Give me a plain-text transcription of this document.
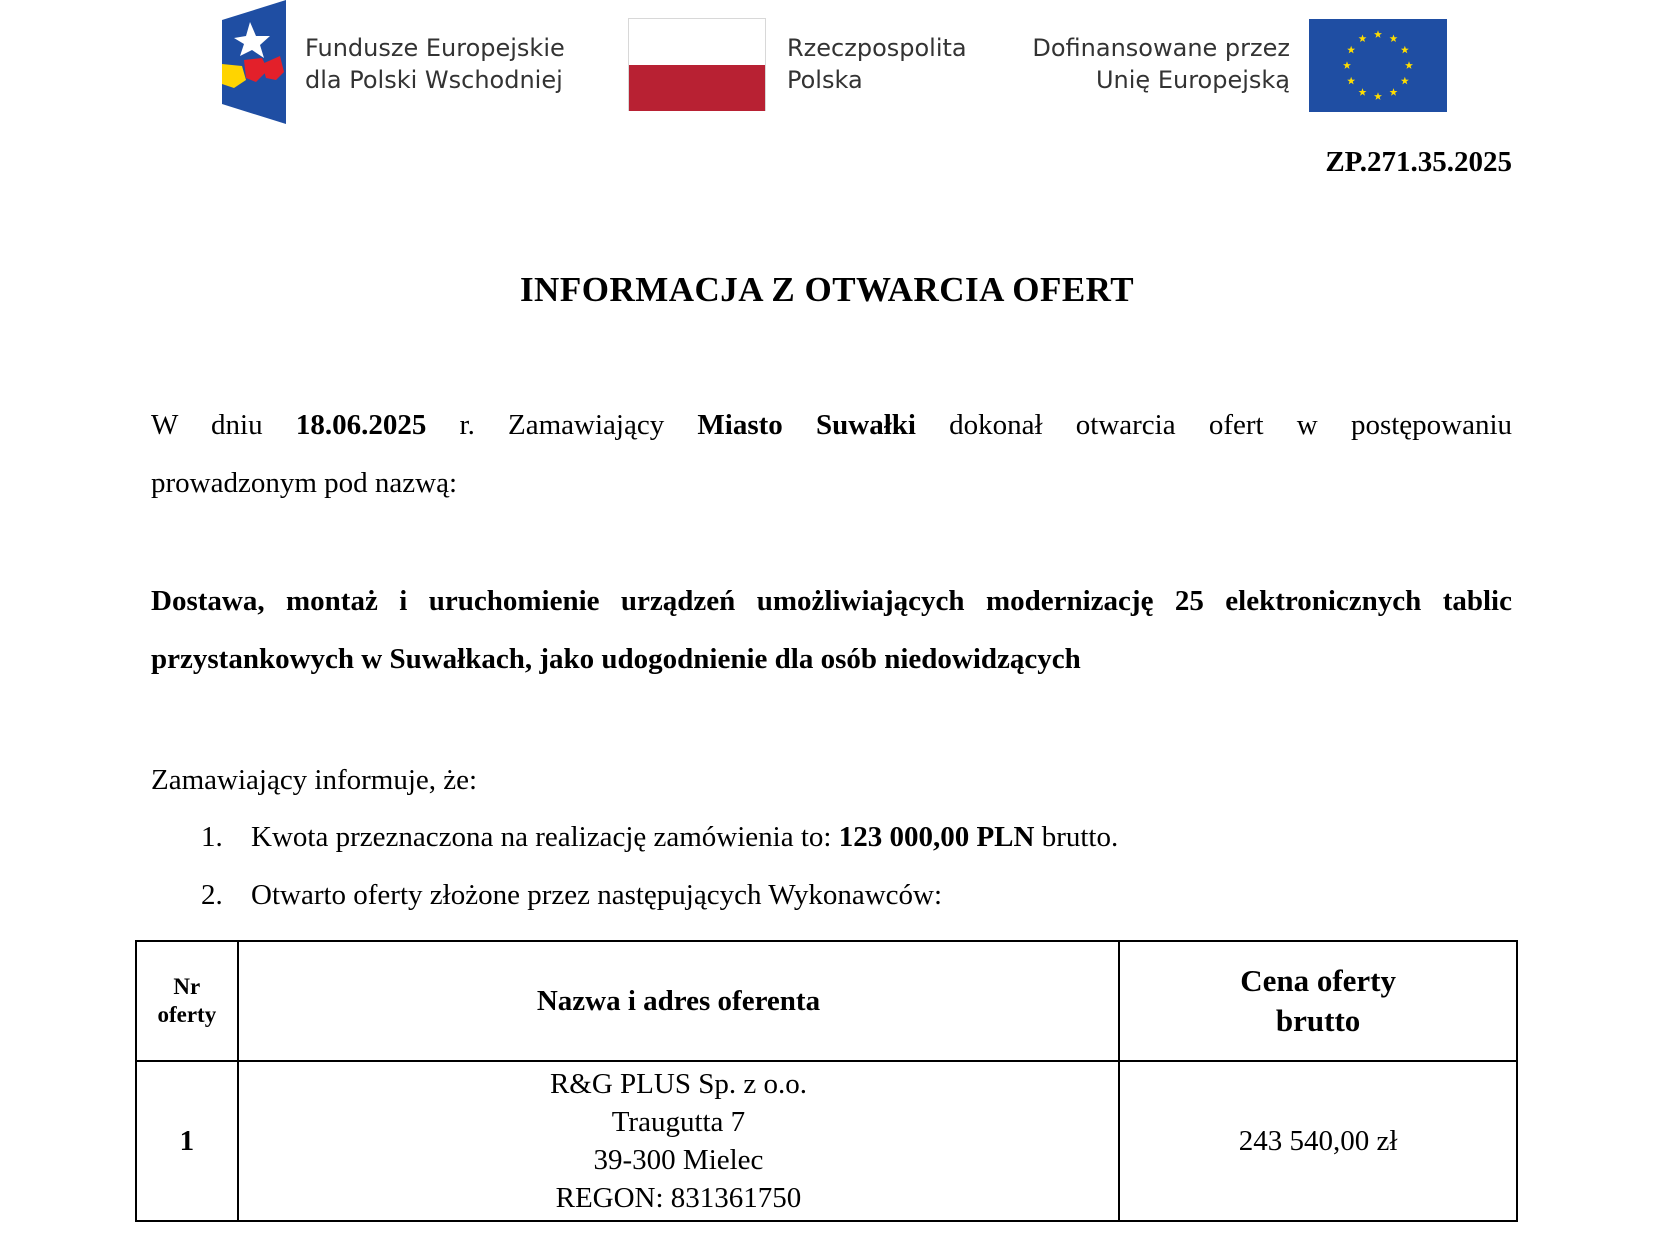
Fundusze Europejskie
dla Polski Wschodniej
Rzeczpospolita
Polska
Dofinansowane przez
Unię Europejską
ZP.271.35.2025
INFORMACJA Z OTWARCIA OFERT
W dniu 18.06.2025 r. Zamawiający Miasto Suwałki dokonał otwarcia ofert w postępowaniu
prowadzonym pod nazwą:
Dostawa, montaż i uruchomienie urządzeń umożliwiających modernizację 25 elektronicznych tablic przystankowych w Suwałkach, jako udogodnienie dla osób niedowidzących
Zamawiający informuje, że:
1. Kwota przeznaczona na realizację zamówienia to: 123 000,00 PLN brutto.
2. Otwarto oferty złożone przez następujących Wykonawców:
Nr
oferty	Nazwa i adres oferenta	Cena oferty
brutto

1	R&G PLUS Sp. z o.o.
Traugutta 7
39-300 Mielec
REGON: 831361750	243 540,00 zł
